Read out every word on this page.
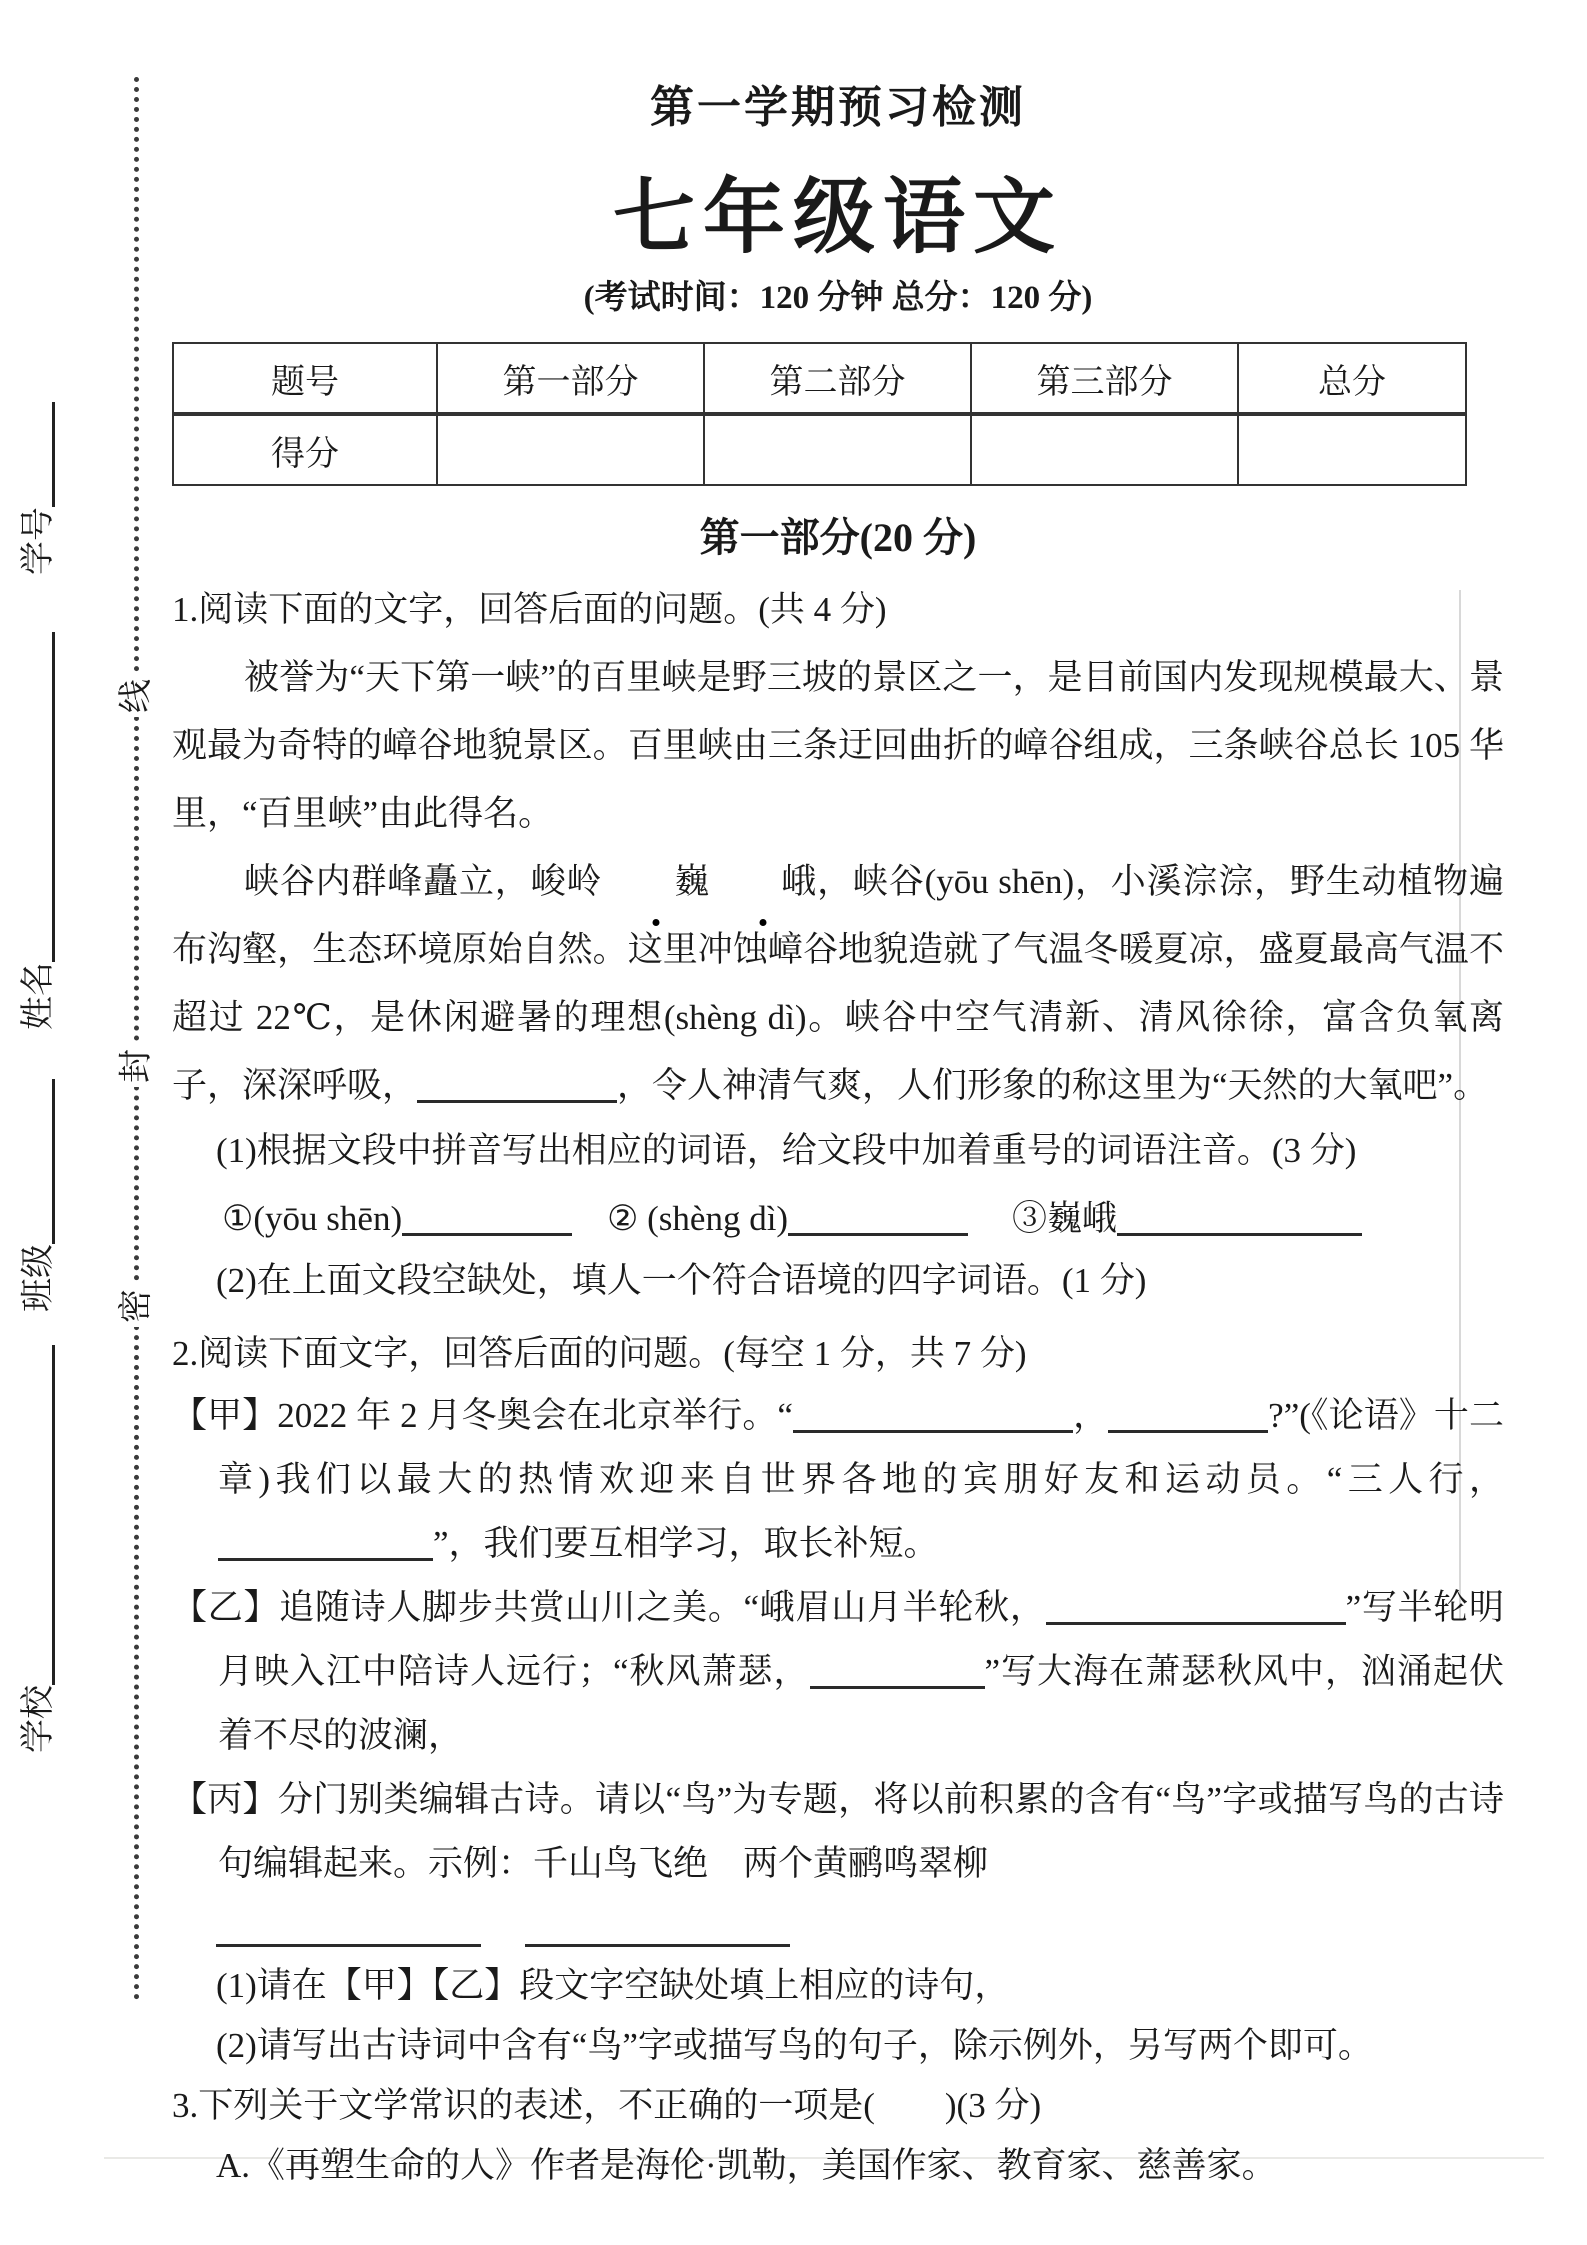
学号
姓名
班级
学校
线
封
密
第一学期预习检测
七年级语文
(考试时间：120 分钟 总分：120 分)
题号	第一部分	第二部分	第三部分	总分
得分				
第一部分(20 分)

1.阅读下面的文字，回答后面的问题。(共 4 分)

被誉为“天下第一峡”的百里峡是野三坡的景区之一，是目前国内发现规模最大、景观最为奇特的嶂谷地貌景区。百里峡由三条迂回曲折的嶂谷组成，三条峡谷总长 105 华里，“百里峡”由此得名。

峡谷内群峰矗立，峻岭 巍 峨，峡谷(yōu shēn)，小溪淙淙，野生动植物遍布沟壑，生态环境原始自然。这里冲蚀嶂谷地貌造就了气温冬暖夏凉，盛夏最高气温不超过 22℃，是休闲避暑的理想(shèng dì)。峡谷中空气清新、清风徐徐，富含负氧离子，深深呼吸，	，令人神清气爽，人们形象的称这里为“天然的大氧吧”。

(1)根据文段中拼音写出相应的词语，给文段中加着重号的词语注音。(3 分)

①(yōu shēn)	② (shèng dì)	③巍峨

(2)在上面文段空缺处，填人一个符合语境的四字词语。(1 分)

2.阅读下面文字，回答后面的问题。(每空 1 分，共 7 分)

【甲】2022 年 2 月冬奥会在北京举行。“	，	?”(《论语》十二章)我们以最大的热情欢迎来自世界各地的宾朋好友和运动员。“三人行，”，我们要互相学习，取长补短。

【乙】追随诗人脚步共赏山川之美。“峨眉山月半轮秋，	”写半轮明月映入江中陪诗人远行；“秋风萧瑟，	”写大海在萧瑟秋风中，汹涌起伏着不尽的波澜，

【丙】分门别类编辑古诗。请以“鸟”为专题，将以前积累的含有“鸟”字或描写鸟的古诗句编辑起来。示例：千山鸟飞绝　两个黄鹂鸣翠柳

(1)请在【甲】【乙】段文字空缺处填上相应的诗句，

(2)请写出古诗词中含有“鸟”字或描写鸟的句子，除示例外，另写两个即可。

3.下列关于文学常识的表述，不正确的一项是(　　)(3 分)

A.《再塑生命的人》作者是海伦·凯勒，美国作家、教育家、慈善家。
